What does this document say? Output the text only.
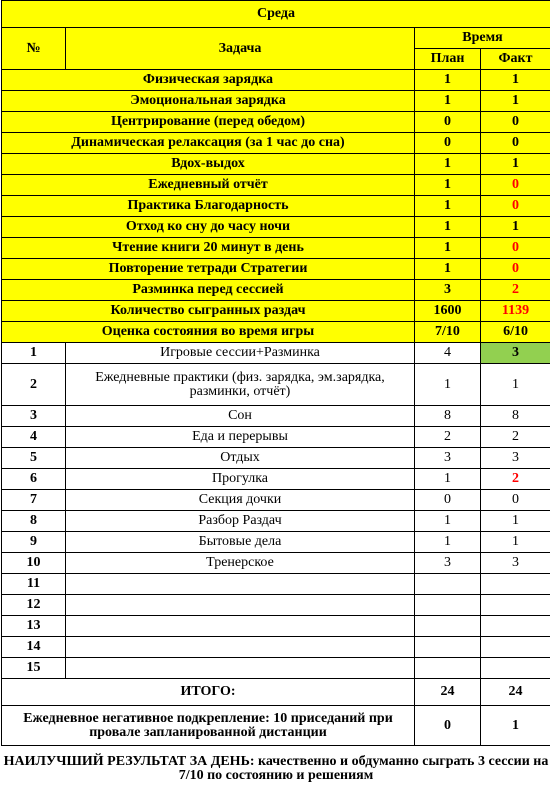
Среда			
№	Задача	Время	
		План	Факт
Физическая зарядка		1	1
Эмоциональная зарядка		1	1
Центрирование (перед обедом)		0	0
Динамическая релаксация (за 1 час до сна)		0	0
Вдох-выдох		1	1
Ежедневный отчёт		1	0
Практика Благодарность		1	0
Отход ко сну до часу ночи		1	1
Чтение книги 20 минут в день		1	0
Повторение тетради Стратегии		1	0
Разминка перед сессией		3	2
Количество сыгранных раздач		1600	1139
Оценка состояния во время игры		7/10	6/10
1	Игровые сессии+Разминка	4	3
2	Ежедневные практики (физ. зарядка, эм.зарядка, разминки, отчёт)	1	1
3	Сон	8	8
4	Еда и перерывы	2	2
5	Отдых	3	3
6	Прогулка	1	2
7	Секция дочки	0	0
8	Разбор Раздач	1	1
9	Бытовые дела	1	1
10	Тренерское	3	3
11			
12			
13			
14			
15			
ИТОГО:		24	24
Ежедневное негативное подкрепление: 10 приседаний при провале запланированной дистанции		0	1
НАИЛУЧШИЙ РЕЗУЛЬТАТ ЗА ДЕНЬ: качественно и обдуманно сыграть 3 сессии на 7/10 по состоянию и решениям			
